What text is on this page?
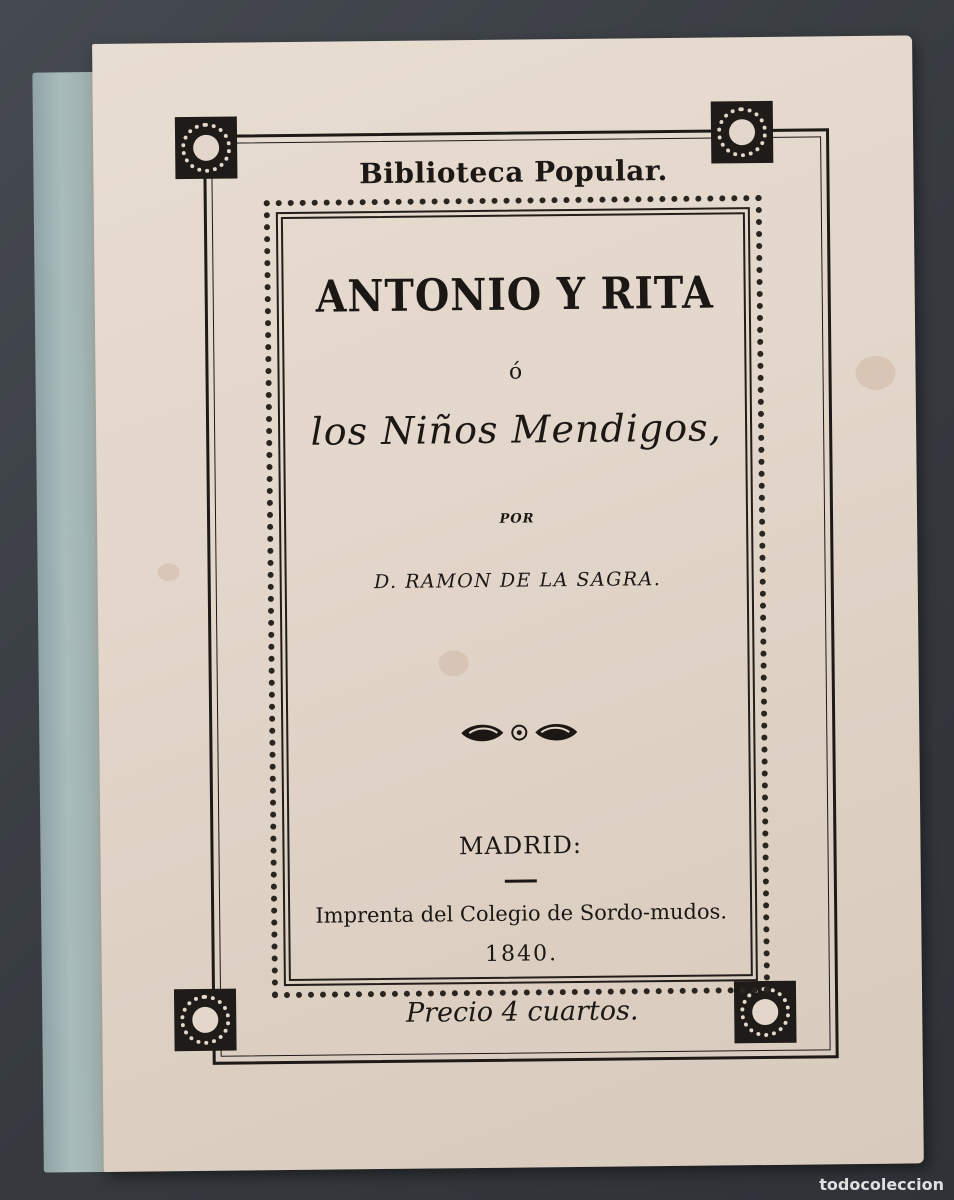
Biblioteca Popular.
ANTONIO Y RITA
ó
los Niños Mendigos,
POR
D. RAMON DE LA SAGRA.
MADRID:
Imprenta del Colegio de Sordo-mudos.
1840.
Precio 4 cuartos.
todocoleccion
